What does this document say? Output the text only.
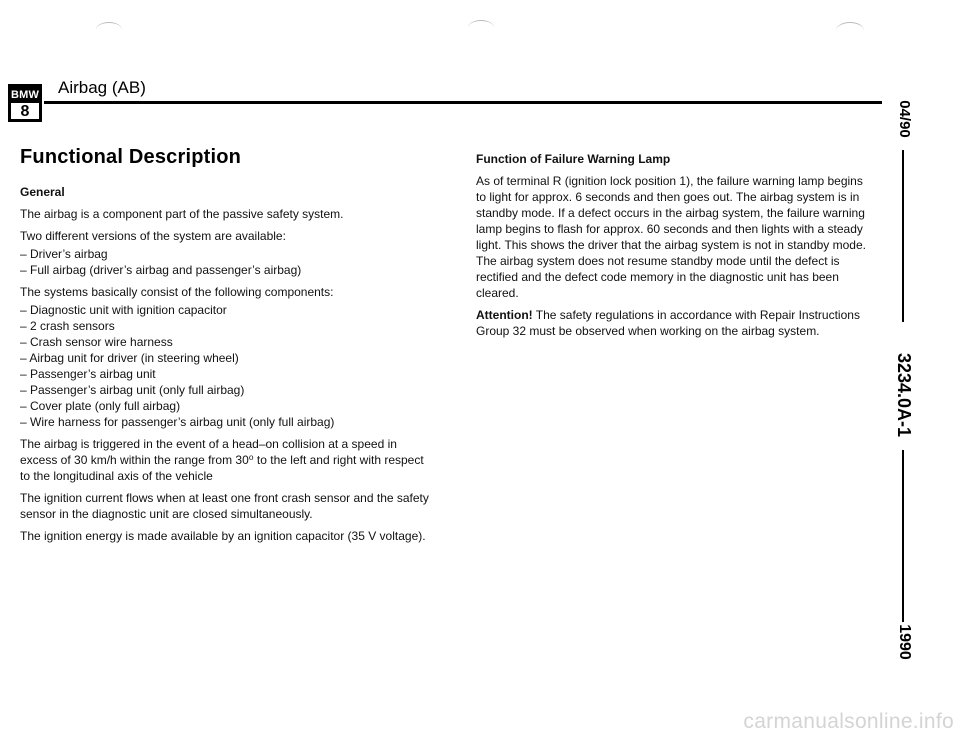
BMW
8
Airbag (AB)
Functional Description

General

The airbag is a component part of the passive safety system.

Two different versions of the system are available:

– Driver’s airbag
– Full airbag (driver’s airbag and passenger’s airbag)

The systems basically consist of the following components:

– Diagnostic unit with ignition capacitor
– 2 crash sensors
– Crash sensor wire harness
– Airbag unit for driver (in steering wheel)
– Passenger’s airbag unit
– Passenger’s airbag unit (only full airbag)
– Cover plate (only full airbag)
– Wire harness for passenger’s airbag unit (only full airbag)

The airbag is triggered in the event of a head–on collision at a speed in excess of 30 km/h within the range from 30⁰ to the left and right with respect to the longitudinal axis of the vehicle

The ignition current flows when at least one front crash sensor and the safety sensor in the diagnostic unit are closed simultaneously.

The ignition energy is made available by an ignition capacitor (35 V voltage).

Function of Failure Warning Lamp

As of terminal R (ignition lock position 1), the failure warning lamp begins to light for approx. 6 seconds and then goes out. The airbag system is in standby mode. If a defect occurs in the airbag system, the failure warning lamp begins to flash for approx. 60 seconds and then lights with a steady light. This shows the driver that the airbag system is not in standby mode. The airbag system does not resume standby mode until the defect is rectified and the defect code memory in the diagnostic unit has been cleared.

Attention! The safety regulations in accordance with Repair Instructions Group 32 must be observed when working on the airbag system.

04/90
3234.0A-1
1990
carmanualsonline.info
